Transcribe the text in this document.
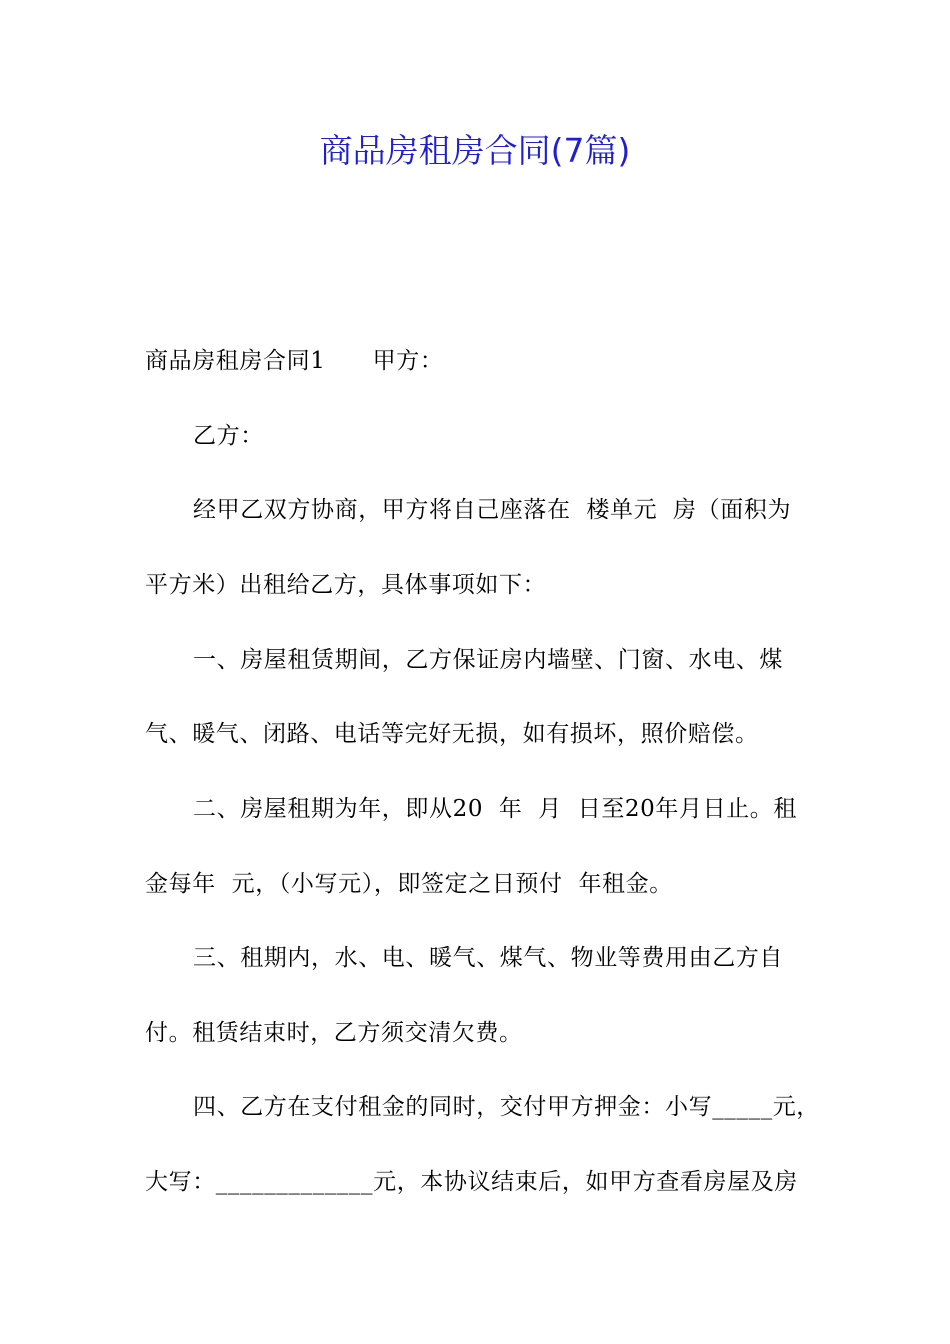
商品房租房合同(7篇)
商品房租房合同1　　甲方：
乙方：
经甲乙双方协商，甲方将自己座落在  楼单元  房（面积为
平方米）出租给乙方，具体事项如下：
一、房屋租赁期间，乙方保证房内墙壁、门窗、水电、煤
气、暖气、闭路、电话等完好无损，如有损坏，照价赔偿。
二、房屋租期为年，即从20  年  月  日至20年月日止。租
金每年  元，（小写元），即签定之日预付  年租金。
三、租期内，水、电、暖气、煤气、物业等费用由乙方自
付。租赁结束时，乙方须交清欠费。
四、乙方在支付租金的同时，交付甲方押金：小写_____元，
大写：_____________元，本协议结束后，如甲方查看房屋及房
